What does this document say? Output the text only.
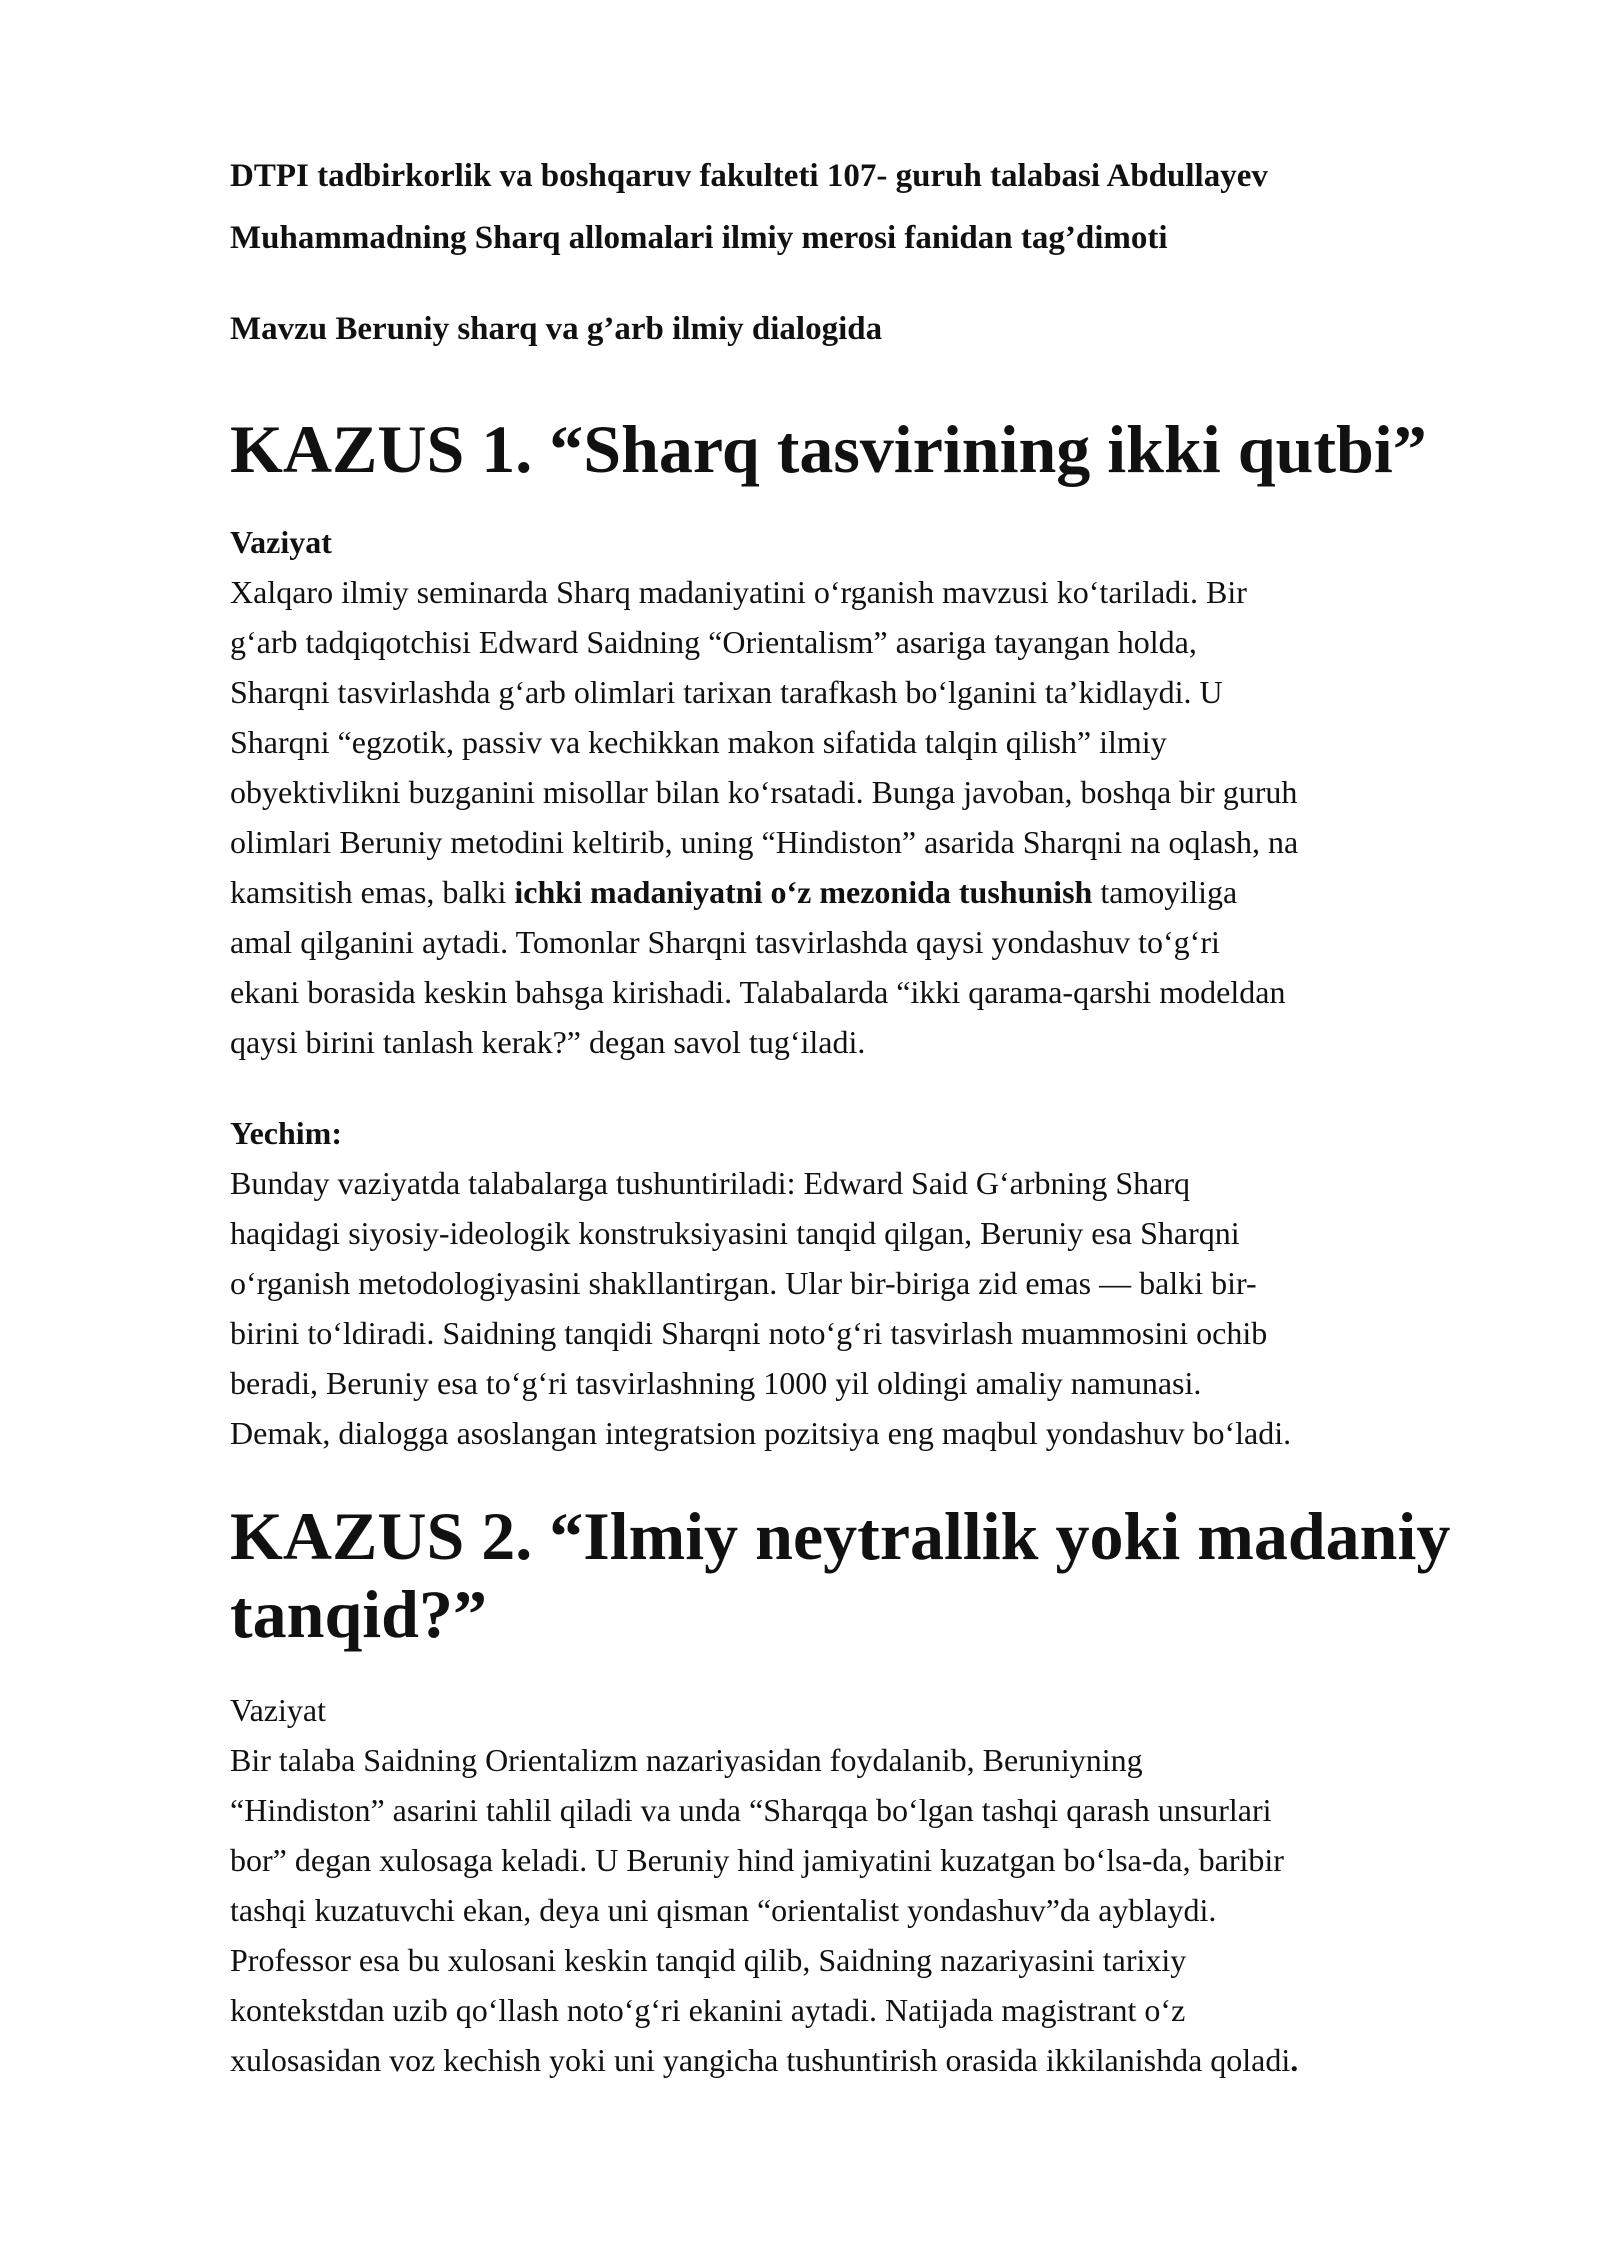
DTPI tadbirkorlik va boshqaruv fakulteti 107- guruh talabasi Abdullayev
Muhammadning Sharq allomalari ilmiy merosi fanidan tag’dimoti
Mavzu Beruniy sharq va g’arb ilmiy dialogida
KAZUS 1. “Sharq tasvirining ikki qutbi”
Vaziyat

Xalqaro ilmiy seminarda Sharq madaniyatini o‘rganish mavzusi ko‘tariladi. Bir
g‘arb tadqiqotchisi Edward Saidning “Orientalism” asariga tayangan holda,
Sharqni tasvirlashda g‘arb olimlari tarixan tarafkash bo‘lganini ta’kidlaydi. U
Sharqni “egzotik, passiv va kechikkan makon sifatida talqin qilish” ilmiy
obyektivlikni buzganini misollar bilan ko‘rsatadi. Bunga javoban, boshqa bir guruh
olimlari Beruniy metodini keltirib, uning “Hindiston” asarida Sharqni na oqlash, na
kamsitish emas, balki ichki madaniyatni o‘z mezonida tushunish tamoyiliga
amal qilganini aytadi. Tomonlar Sharqni tasvirlashda qaysi yondashuv to‘g‘ri
ekani borasida keskin bahsga kirishadi. Talabalarda “ikki qarama-qarshi modeldan
qaysi birini tanlash kerak?” degan savol tug‘iladi.

Yechim:

Bunday vaziyatda talabalarga tushuntiriladi: Edward Said G‘arbning Sharq
haqidagi siyosiy-ideologik konstruksiyasini tanqid qilgan, Beruniy esa Sharqni
o‘rganish metodologiyasini shakllantirgan. Ular bir-biriga zid emas — balki bir-
birini to‘ldiradi. Saidning tanqidi Sharqni noto‘g‘ri tasvirlash muammosini ochib
beradi, Beruniy esa to‘g‘ri tasvirlashning 1000 yil oldingi amaliy namunasi.
Demak, dialogga asoslangan integratsion pozitsiya eng maqbul yondashuv bo‘ladi.

KAZUS 2. “Ilmiy neytrallik yoki madaniy
tanqid?”
Vaziyat

Bir talaba Saidning Orientalizm nazariyasidan foydalanib, Beruniyning
“Hindiston” asarini tahlil qiladi va unda “Sharqqa bo‘lgan tashqi qarash unsurlari
bor” degan xulosaga keladi. U Beruniy hind jamiyatini kuzatgan bo‘lsa-da, baribir
tashqi kuzatuvchi ekan, deya uni qisman “orientalist yondashuv”da ayblaydi.
Professor esa bu xulosani keskin tanqid qilib, Saidning nazariyasini tarixiy
kontekstdan uzib qo‘llash noto‘g‘ri ekanini aytadi. Natijada magistrant o‘z
xulosasidan voz kechish yoki uni yangicha tushuntirish orasida ikkilanishda qoladi.
